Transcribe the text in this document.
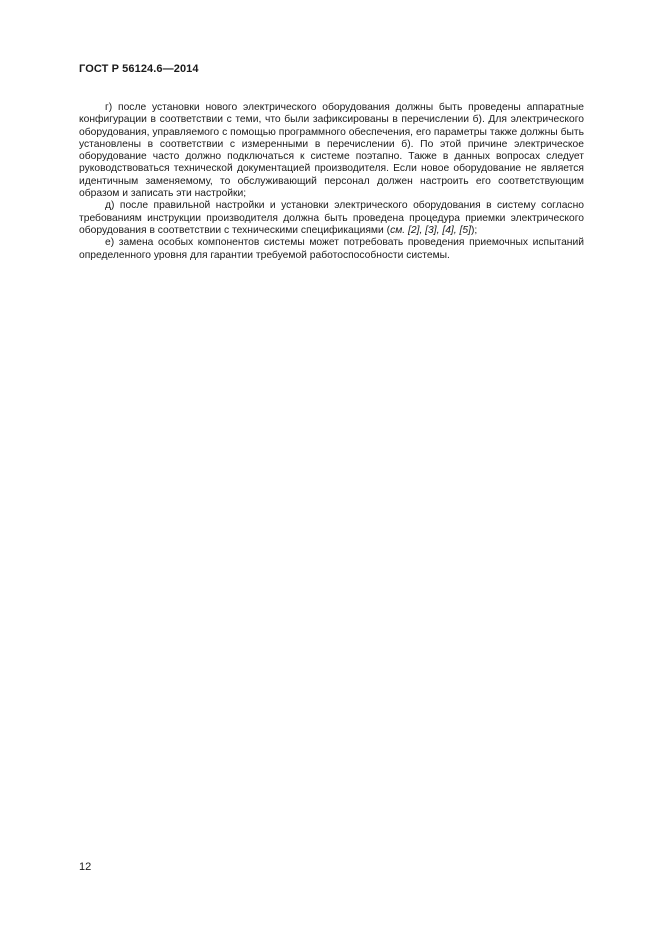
ГОСТ Р 56124.6—2014

г) после установки нового электрического оборудования должны быть проведены аппаратные конфигурации в соответствии с теми, что были зафиксированы в перечислении б). Для электрического оборудования, управляемого с помощью программного обеспечения, его параметры также должны быть установлены в соответствии с измеренными в перечислении б). По этой причине электрическое оборудование часто должно подключаться к системе поэтапно. Также в данных вопросах следует руководствоваться технической документацией производителя. Если новое оборудование не является идентичным заменяемому, то обслуживающий персонал должен настроить его соответствующим образом и записать эти настройки;

д) после правильной настройки и установки электрического оборудования в систему согласно требованиям инструкции производителя должна быть проведена процедура приемки электрического оборудования в соответствии с техническими спецификациями (см. [2], [3], [4], [5]);

е) замена особых компонентов системы может потребовать проведения приемочных испытаний определенного уровня для гарантии требуемой работоспособности системы.

12
